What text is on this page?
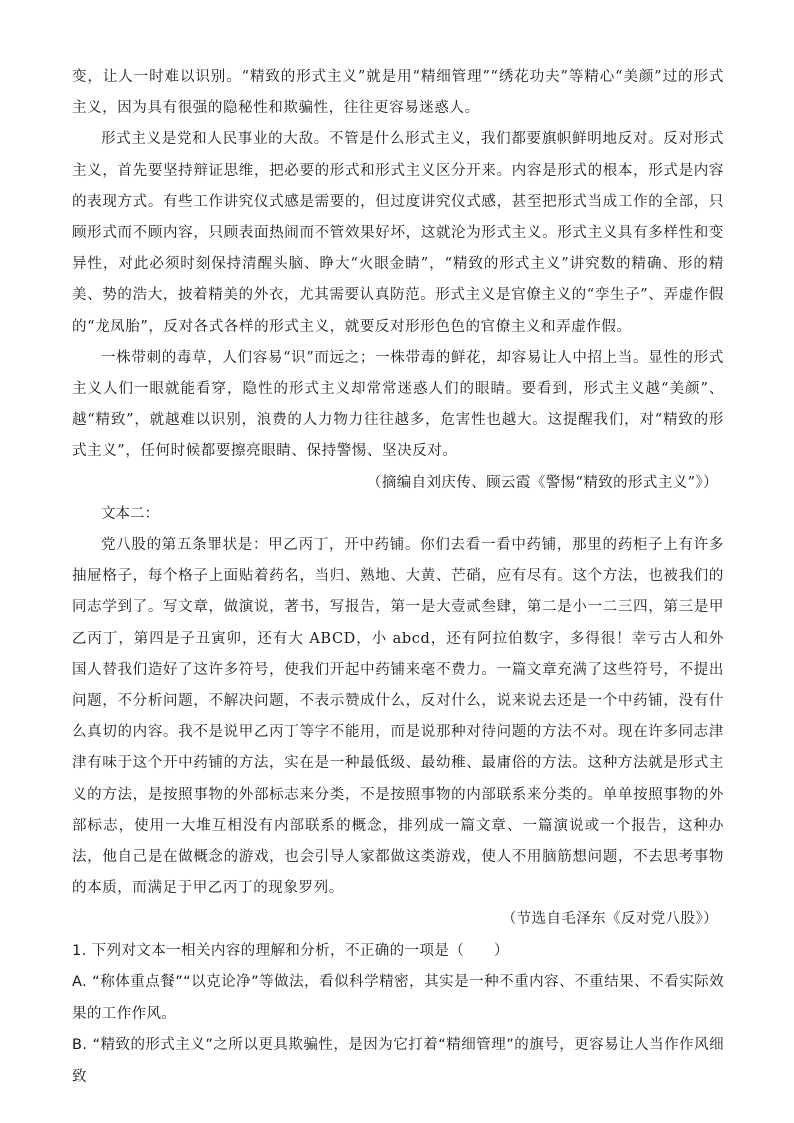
变，让人一时难以识别。“精致的形式主义”就是用“精细管理”“绣花功夫”等精心“美颜”过的形式主义，因为具有很强的隐秘性和欺骗性，往往更容易迷惑人。

形式主义是党和人民事业的大敌。不管是什么形式主义，我们都要旗帜鲜明地反对。反对形式主义，首先要坚持辩证思维，把必要的形式和形式主义区分开来。内容是形式的根本，形式是内容的表现方式。有些工作讲究仪式感是需要的，但过度讲究仪式感，甚至把形式当成工作的全部，只顾形式而不顾内容，只顾表面热闹而不管效果好坏，这就沦为形式主义。形式主义具有多样性和变异性，对此必须时刻保持清醒头脑、睁大“火眼金睛”，“精致的形式主义”讲究数的精确、形的精美、势的浩大，披着精美的外衣，尤其需要认真防范。形式主义是官僚主义的“孪生子”、弄虚作假的“龙凤胎”，反对各式各样的形式主义，就要反对形形色色的官僚主义和弄虚作假。

一株带刺的毒草，人们容易“识”而远之；一株带毒的鲜花，却容易让人中招上当。显性的形式主义人们一眼就能看穿，隐性的形式主义却常常迷惑人们的眼睛。要看到，形式主义越“美颜”、越“精致”，就越难以识别，浪费的人力物力往往越多，危害性也越大。这提醒我们，对“精致的形式主义”，任何时候都要擦亮眼睛、保持警惕、坚决反对。

（摘编自刘庆传、顾云霞《警惕“精致的形式主义”》）

文本二：

党八股的第五条罪状是：甲乙丙丁，开中药铺。你们去看一看中药铺，那里的药柜子上有许多抽屉格子，每个格子上面贴着药名，当归、熟地、大黄、芒硝，应有尽有。这个方法，也被我们的同志学到了。写文章，做演说，著书，写报告，第一是大壹贰叁肆，第二是小一二三四，第三是甲乙丙丁，第四是子丑寅卯，还有大 ABCD，小 abcd，还有阿拉伯数字，多得很！幸亏古人和外国人替我们造好了这许多符号，使我们开起中药铺来毫不费力。一篇文章充满了这些符号，不提出问题，不分析问题，不解决问题，不表示赞成什么，反对什么，说来说去还是一个中药铺，没有什么真切的内容。我不是说甲乙丙丁等字不能用，而是说那种对待问题的方法不对。现在许多同志津津有味于这个开中药铺的方法，实在是一种最低级、最幼稚、最庸俗的方法。这种方法就是形式主义的方法，是按照事物的外部标志来分类，不是按照事物的内部联系来分类的。单单按照事物的外部标志，使用一大堆互相没有内部联系的概念，排列成一篇文章、一篇演说或一个报告，这种办法，他自己是在做概念的游戏，也会引导人家都做这类游戏，使人不用脑筋想问题，不去思考事物的本质，而满足于甲乙丙丁的现象罗列。

（节选自毛泽东《反对党八股》）

1. 下列对文本一相关内容的理解和分析，不正确的一项是（　　）

A. “称体重点餐”“以克论净”等做法，看似科学精密，其实是一种不重内容、不重结果、不看实际效果的工作作风。

B. “精致的形式主义”之所以更具欺骗性，是因为它打着“精细管理”的旗号，更容易让人当作作风细致
